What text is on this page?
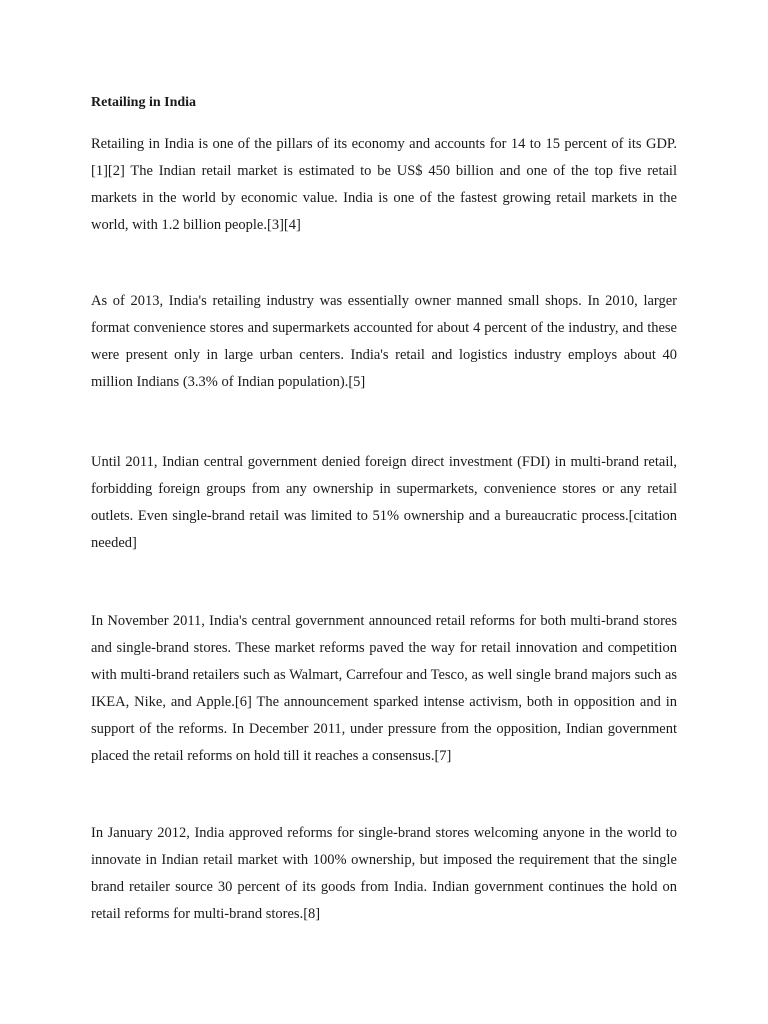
Retailing in India

Retailing in India is one of the pillars of its economy and accounts for 14 to 15 percent of its GDP.[1][2] The Indian retail market is estimated to be US$ 450 billion and one of the top five retail markets in the world by economic value. India is one of the fastest growing retail markets in the world, with 1.2 billion people.[3][4]

As of 2013, India's retailing industry was essentially owner manned small shops. In 2010, larger format convenience stores and supermarkets accounted for about 4 percent of the industry, and these were present only in large urban centers. India's retail and logistics industry employs about 40 million Indians (3.3% of Indian population).[5]

Until 2011, Indian central government denied foreign direct investment (FDI) in multi-brand retail, forbidding foreign groups from any ownership in supermarkets, convenience stores or any retail outlets. Even single-brand retail was limited to 51% ownership and a bureaucratic process.[citation needed]

In November 2011, India's central government announced retail reforms for both multi-brand stores and single-brand stores. These market reforms paved the way for retail innovation and competition with multi-brand retailers such as Walmart, Carrefour and Tesco, as well single brand majors such as IKEA, Nike, and Apple.[6] The announcement sparked intense activism, both in opposition and in support of the reforms. In December 2011, under pressure from the opposition, Indian government placed the retail reforms on hold till it reaches a consensus.[7]

In January 2012, India approved reforms for single-brand stores welcoming anyone in the world to innovate in Indian retail market with 100% ownership, but imposed the requirement that the single brand retailer source 30 percent of its goods from India. Indian government continues the hold on retail reforms for multi-brand stores.[8]
